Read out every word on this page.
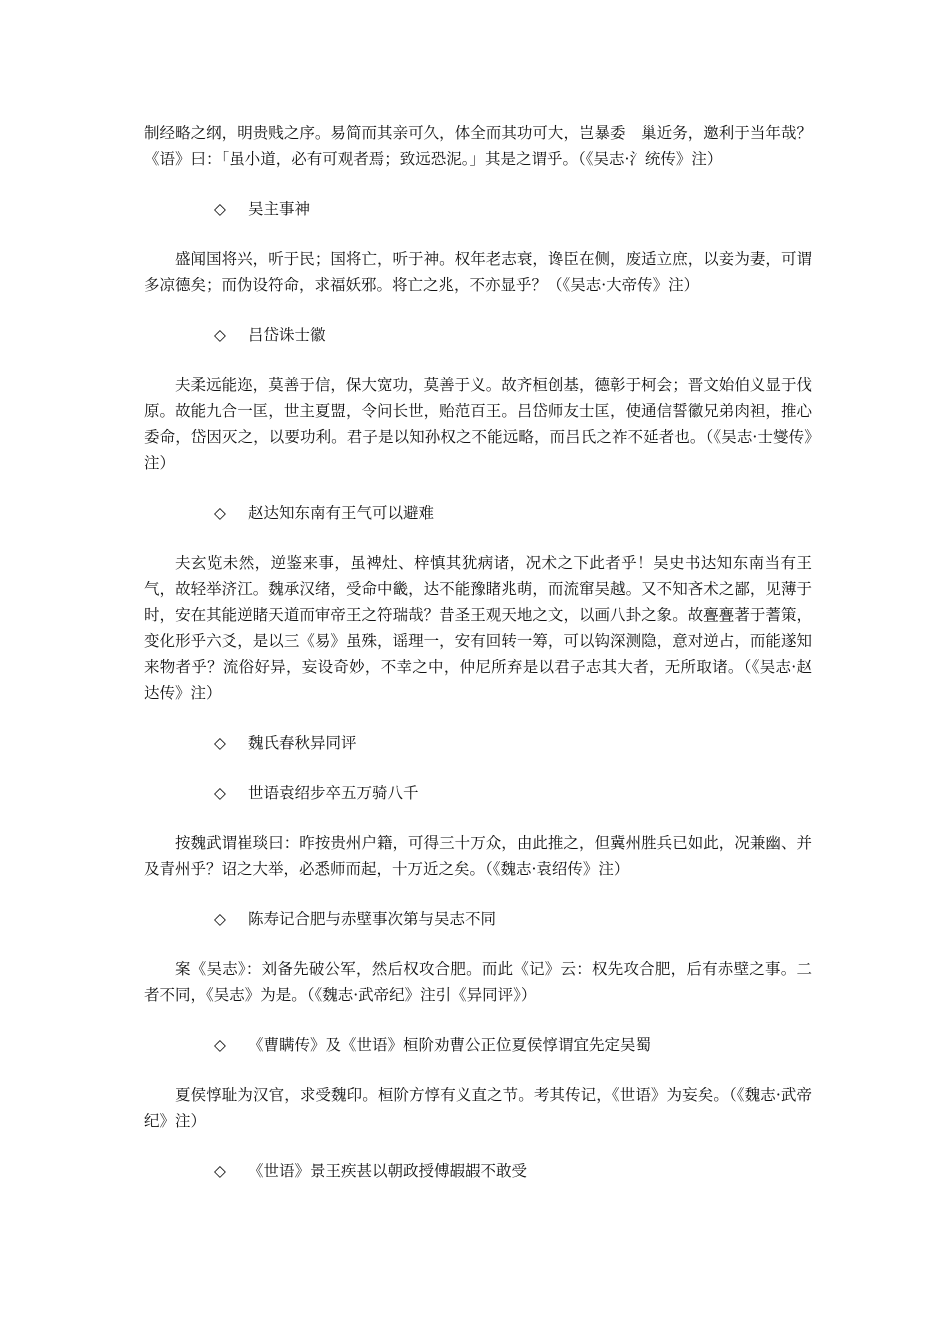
制经略之纲，明贵贱之序。易简而其亲可久，体全而其功可大，岂暴委　巢近务，邀利于当年哉？《语》曰：「虽小道，必有可观者焉；致远恐泥。」其是之谓乎。（《吴志·氵统传》注）

◇ 吴主事神

盛闻国将兴，听于民；国将亡，听于神。权年老志衰，谗臣在侧，废适立庶，以妾为妻，可谓多凉德矣；而伪设符命，求福妖邪。将亡之兆，不亦显乎？（《吴志·大帝传》注）

◇ 吕岱诛士徽

夫柔远能迩，莫善于信，保大宽功，莫善于义。故齐桓创基，德彰于柯会；晋文始伯义显于伐原。故能九合一匡，世主夏盟，令问长世，贻范百王。吕岱师友士匡，使通信誓徽兄弟肉袒，推心委命，岱因灭之，以要功利。君子是以知孙权之不能远略，而吕氏之祚不延者也。（《吴志·士燮传》注）

◇ 赵达知东南有王气可以避难

夫玄览未然，逆鉴来事，虽裨灶、梓慎其犹病诸，况术之下此者乎！吴史书达知东南当有王气，故轻举济江。魏承汉绪，受命中畿，达不能豫睹兆萌，而流窜吴越。又不知吝术之鄙，见薄于时，安在其能逆睹天道而审帝王之符瑞哉？昔圣王观天地之文，以画八卦之象。故亹亹著于蓍策，变化形乎六爻，是以三《易》虽殊，谣理一，安有回转一筹，可以钩深测隐，意对逆占，而能遂知来物者乎？流俗好异，妄设奇妙，不幸之中，仲尼所弃是以君子志其大者，无所取诸。（《吴志·赵达传》注）

◇ 魏氏春秋异同评

◇ 世语袁绍步卒五万骑八千

按魏武谓崔琰曰：昨按贵州户籍，可得三十万众，由此推之，但冀州胜兵已如此，况兼幽、并及青州乎？诏之大举，必悉师而起，十万近之矣。（《魏志·袁绍传》注）

◇ 陈寿记合肥与赤壁事次第与吴志不同

案《吴志》：刘备先破公军，然后权攻合肥。而此《记》云：权先攻合肥，后有赤壁之事。二者不同，《吴志》为是。（《魏志·武帝纪》注引《异同评》）

◇ 《曹瞒传》及《世语》桓阶劝曹公正位夏侯惇谓宜先定吴蜀

夏侯惇耻为汉官，求受魏印。桓阶方惇有义直之节。考其传记，《世语》为妄矣。（《魏志·武帝纪》注）

◇ 《世语》景王疾甚以朝政授傅嘏嘏不敢受
